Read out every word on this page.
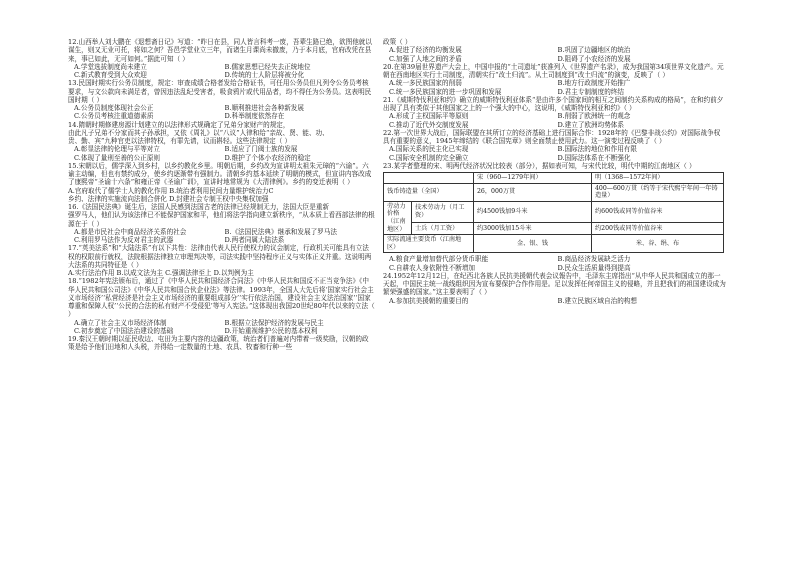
12.山西举人刘大鹏在《退想斋日记》写道：“昨日在县，同人皆言科考一废，吾辈生路已绝，欲图他就以谋生，则又无业可托，将如之何？吾邑学堂业立三年，而诸生月课尚未撤废，乃于本月底，官府改凭在县来，事已如此，无可如何。”据此可知（ ）
A.学堂选拔制度尚未建立	B.儒家思想已经失去正统地位
C.新式教育受到大众欢迎	D.传统的士人阶层将被分化
13.民国时期实行公务员制度，规定：审查成绩合格者发给合格证书，可任用公务员但凡列令公务员考核要求，与文公款向未满足者，曾因违法乱纪受害者，吸食鸦片或代用品者，均不得任为公务员。这表明民国时期（ ）
A.公务员制度体现社会公正	B.顺利推进社会各种新发展
C.公务员考核注重道德素质	D.科举制度依然存在
14.隋朝时期修建房源计划建立的以法律形式规确定了兄弟分家财产的规定，
由此凡子兄弟不分家而其子孙承担，又依《周礼》以“八议”人律和给“亲故、贤、能、功、
贵、勤、宾”九种官吏以法律特权，有罪先请，议而斟轻。这些法律规定（ ）
A.彰显法律的伦理与平等对立	B.适应了门阀士族的发展
C.体现了量刑至善的公正原则	D.维护了个体小农经济的稳定
15.宋朝以后，儒学深入到乡村，以乡约教化乡里。明朝后期，乡约改为宣讲明太祖朱元璋的“六谕”。六谕主动编，但也有禁约成分，使乡约逐渐带有强制力。清朝乡约基本延续了明朝的模式，但宣讲内容改成了康熙帝“圣谕十六条”和雍正帝《圣谕广训》，宣讲时地常规为《大清律例》。乡约的变迁表明（ ）
A.官府取代了儒学士人的教化作用 B.统治者利用民间力量维护统治力C
乡约、法律的实施流向法制合併化 D.封建社会专制王权中央集权加强
16.《法国民法典》诞生后，法国人民感到法国古老的法律已经规制无力，法国大臣是重新
强罗马人，他们认为该法律已不能保护国家和平，他们将法学指向建立新秩序，“从本质上看西部法律的根源在于（ ）
A.都是市民社会中商品经济关系的社会	B.《法国民法典》继承和发展了罗马法
C.利用罗马法作为反对君主的武器	D.两者同属大陆法系
17.“英美法系”和“大陆法系”有以下共性：法律由代表人民行使权力的议会制定，行政机关可能具有立法权的权限前行就权，法院根据法律独立审理判决等，司法实践中坚持程序正义与实体正义并重。这说明两大法系的共同特征是（ ）
A.实行法治作用 B.以成文法为主 C.强调法律至上 D.以判例为主
18.“1982年宪法颁布后，通过了《中华人民共和国经济合同法》《中华人民共和国反不正当竞争法》《中华人民共和国公司法》《中华人民共和国合伙企业法》等法律。1993年，全国人大先后将‘国家实行社会主义市场经济’‘私营经济是社会主义市场经济的重要组成部分’‘实行依法治国，建设社会主义法治国家’‘国家尊重和保障人权’‘公民的合法的私有财产不受侵犯’等写入宪法。”这体现出我国20世纪80年代以来的立法（ ）
A.确立了社会主义市场经济体制	B.根据立法保护经济的发展与民主
C.初步奠定了中国法治建设的基础	D.开始重视维护公民的基本权利
19.秦汉王朝时期以征民收边、屯田为主要内容的边疆政策，统治者们普遍对内带着一级奖励，汉朝的政策是给予他们田地和人头税，并得给一定数量的土地、农具、牧畜和行种一些
政策（ ）
A.促进了经济的均衡发展	B.巩固了边疆地区的统治
C.加强了人地之间的矛盾	D.阻碍了小农经济的发展
20.在第39届世界遗产大会上，中国申报的“土司遗址”获准列入《世界遗产名录》，成为我国第34项世界文化遗产。元朝在西南地区实行土司制度，清朝实行“改土归流”。从土司制度到“改土归流”的演变，反映了（ ）
A.统一多民族国家的削弱	B.地方行政制度开始推广
C.统一多民族国家的进一步巩固和发展	D.君主专制制度的终结
21.《威斯特伐利亚和约》确立的威斯特伐利亚体系“是由许多个国家间的相互之间制约关系构成的格局”，在和约前夕出现了具有类似于其他国家之上的一个强大的中心，这说明，《威斯特伐利亚和约》（ ）
A.形成了主权国际平等原则	B.削弱了欧洲统一的观念
C.推动了近代外交制度发展	D.建立了欧洲均势体系
22.第一次世界大战后，国际联盟在其所订立的经济基础上进行国际合作：1928年的《巴黎非战公约》对国际战争权具有重要的意义，1945年缔结的《联合国宪章》则全面禁止使用武力。这一演变过程反映了（ ）
A.国际关系的民主化已实现	B.国际法的地位和作用有限
C.国际安全机制的完全确立	D.国际法体系在不断强化
23.某学者整理的宋、明两代经济状况比较表（部分），据如表可知，与宋代比较，明代中期的江南地区（ ）
		宋（960—1279年间）	明（1368—1572年间）
钱币铸造量（全国）		26，000万贯	400—600万贯（约等于宋代熙宁年间一年铸造量）
劳动力价格（江南地区）	技术劳动力（月工资）	约4500钱加9斗米	约600钱或同等价值谷米
	士兵（月工资）	约3000钱加15斗米	约200钱或同等价值谷米
实际流通主要货币（江南地区）		金、银、钱	米、谷、绢、布
A.粮食产量增加替代部分货币职能	B.商品经济发展缺乏活力
C.自耕农人身依附性不断增加	D.民众生活质量得到提高
24.1952年12月12日，在纪西北各族人民抗美援朝代表会议報告中，毛泽东主席指出“从中华人民共和国成立的那一天起，中国民主统一战线组织因为宣布要保护合作作用是。足以发挥任何帝国主义的侵略，并且把我们的祖国建设成为繁荣强盛的国家。”这主要表明了（ ）
A.参加抗美援朝的重要目的	B.建立民族区域自治的构想
